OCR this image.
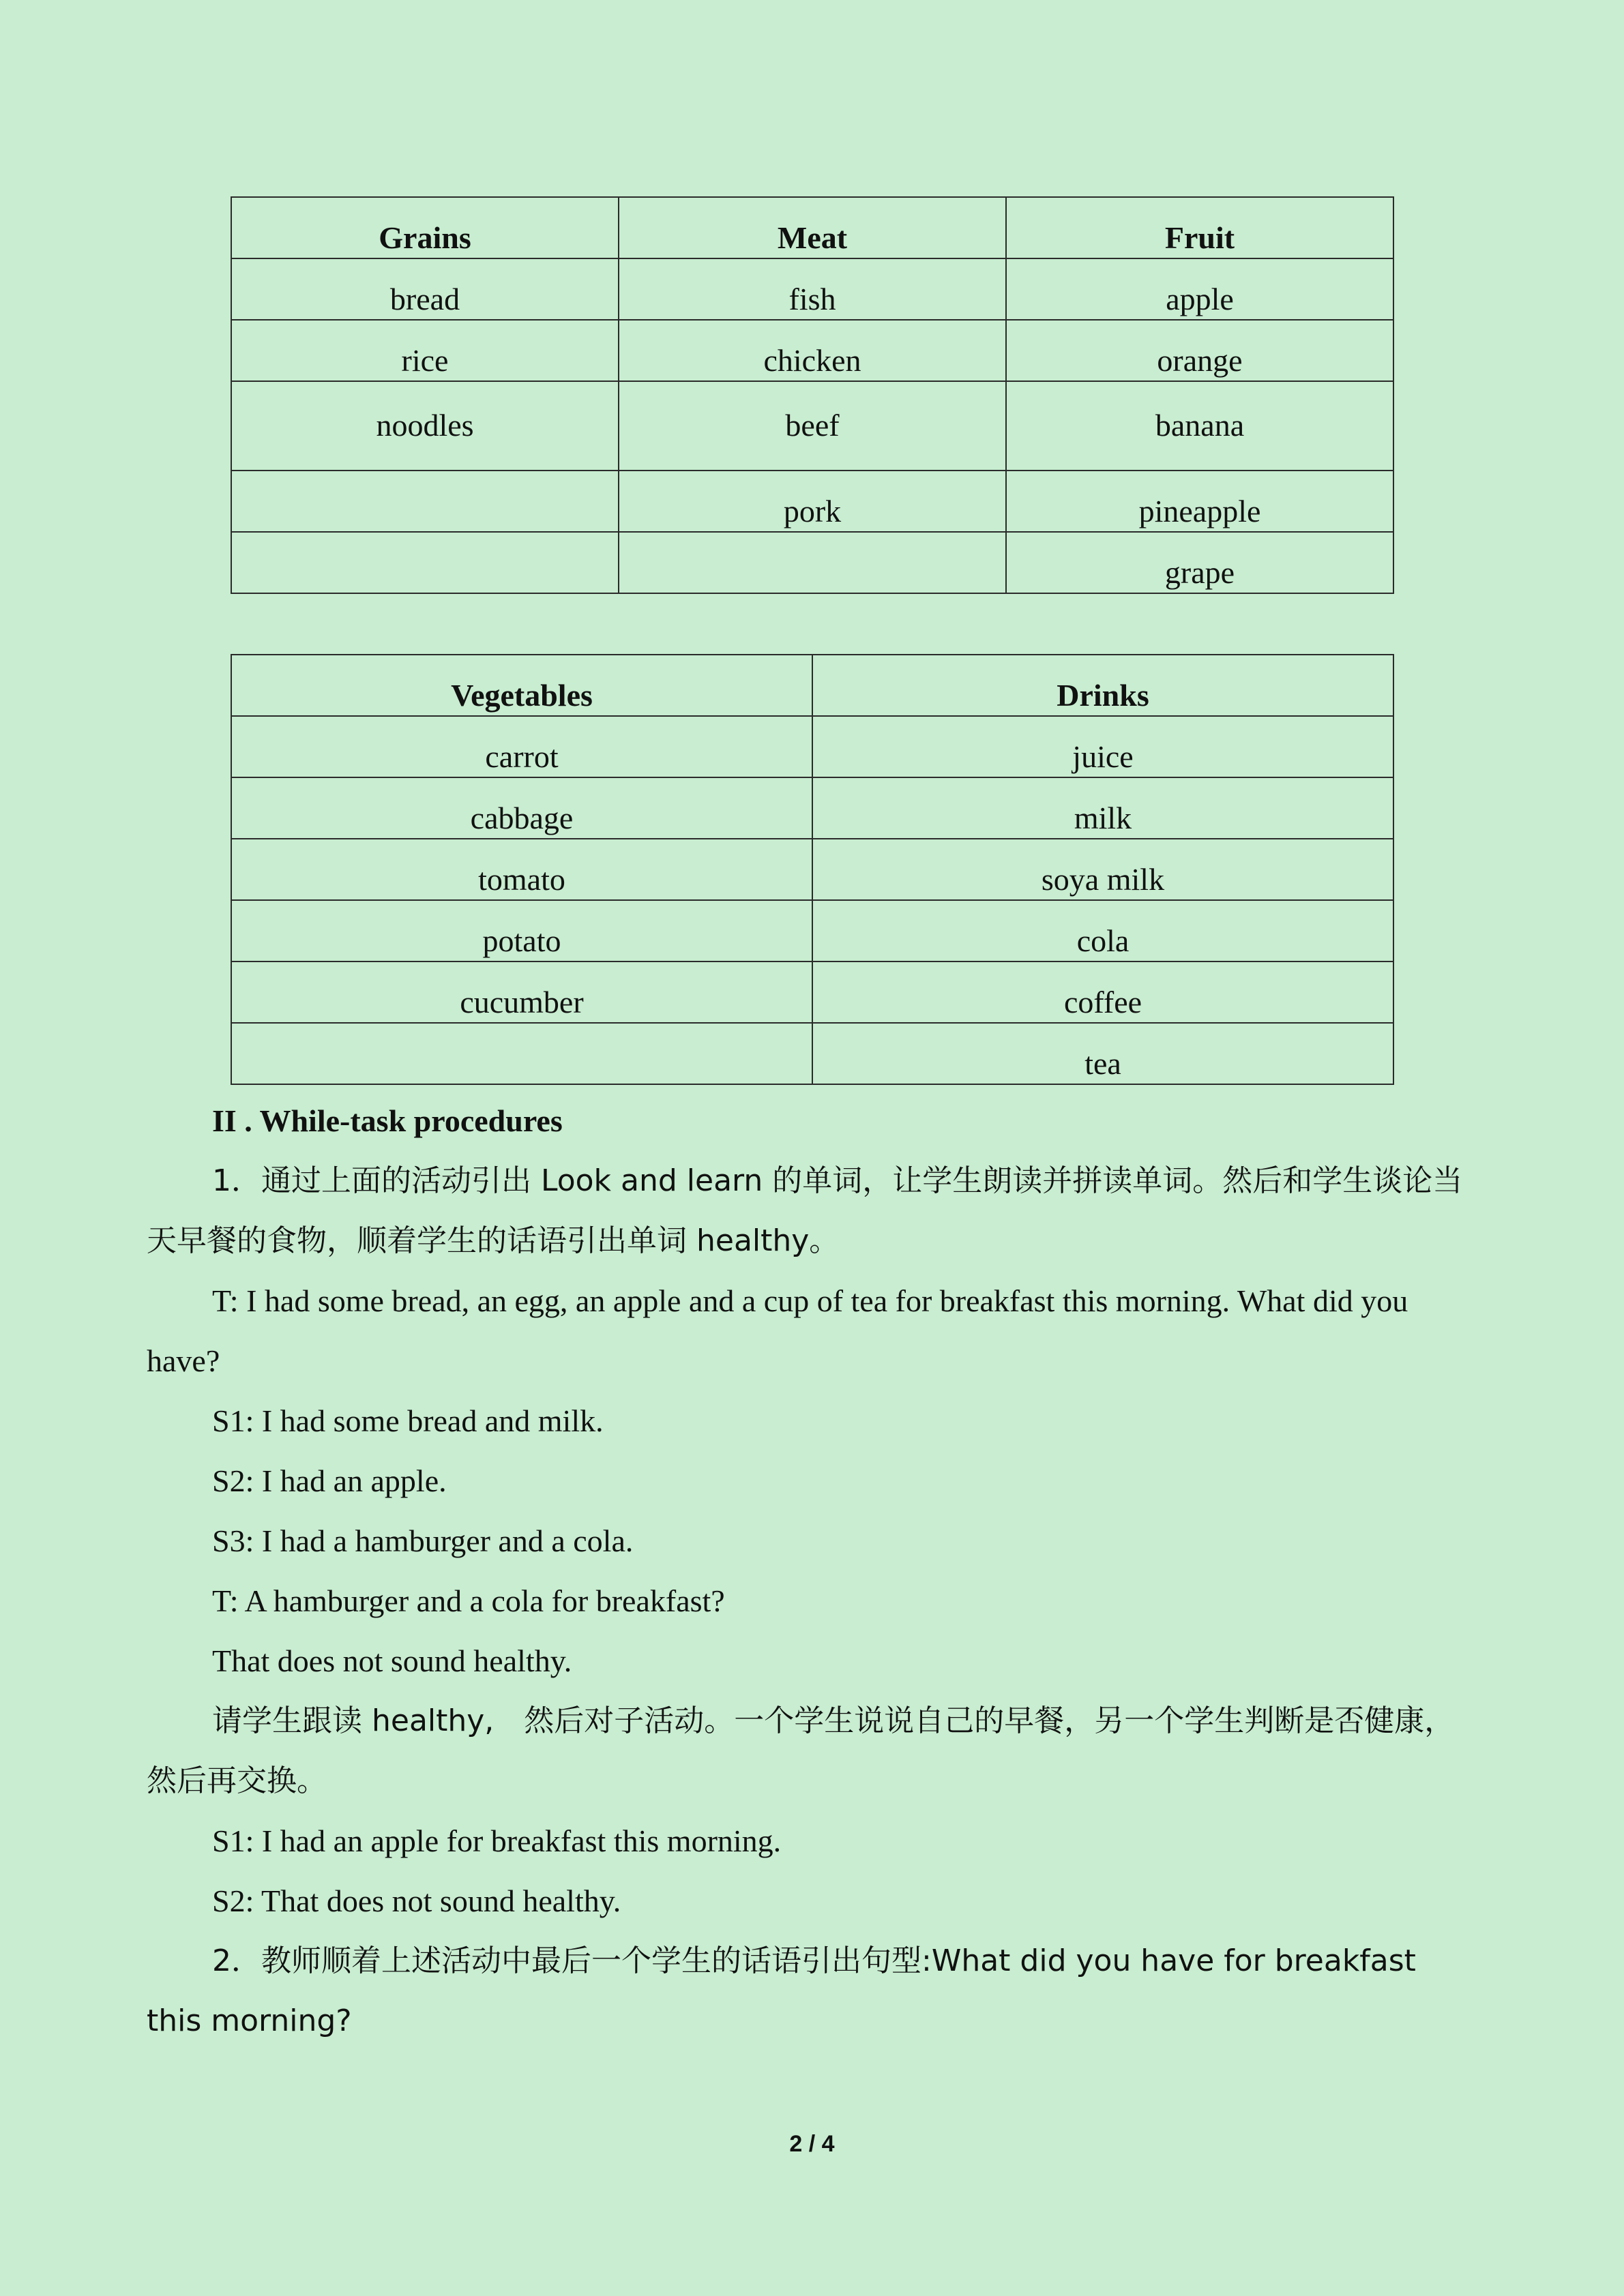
Grains	Meat	Fruit
bread	fish	apple
rice	chicken	orange
noodles	beef	banana
	pork	pineapple
		grape
Vegetables	Drinks
carrot	juice
cabbage	milk
tomato	soya milk
potato	cola
cucumber	coffee
	tea

II . While-task procedures

1．通过上面的活动引出 Look and learn 的单词，让学生朗读并拼读单词。然后和学生谈论当天早餐的食物，顺着学生的话语引出单词 healthy。

T: I had some bread, an egg, an apple and a cup of tea for breakfast this morning. What did you have?

S1: I had some bread and milk.

S2: I had an apple.

S3: I had a hamburger and a cola.

T: A hamburger and a cola for breakfast?

That does not sound healthy.

请学生跟读 healthy,　然后对子活动。一个学生说说自己的早餐，另一个学生判断是否健康，然后再交换。

S1: I had an apple for breakfast this morning.

S2: That does not sound healthy.

2．教师顺着上述活动中最后一个学生的话语引出句型:What did you have for breakfast this morning?

2 / 4
